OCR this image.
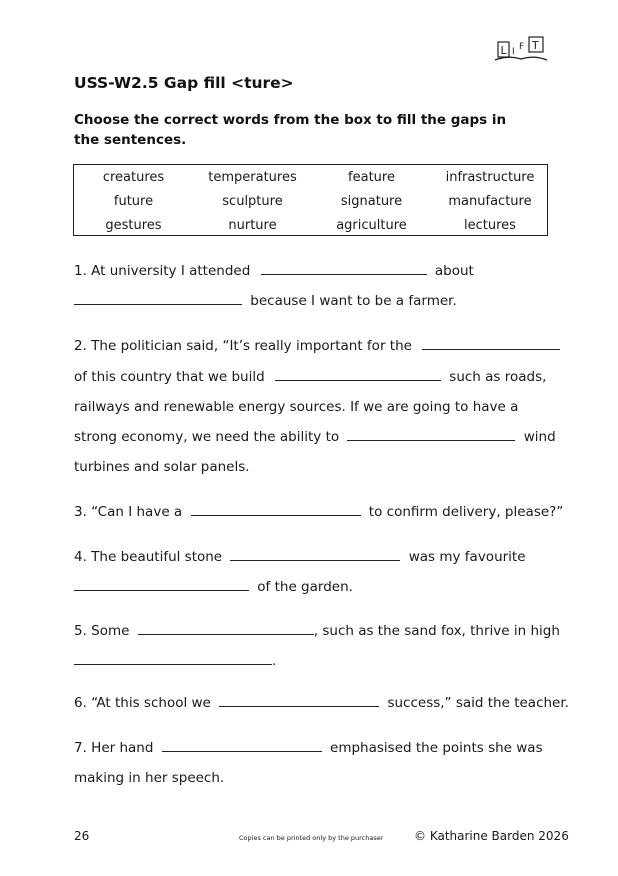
L I F T
USS-W2.5 Gap fill <ture>

Choose the correct words from the box to fill the gaps in the sentences.

creatures	temperatures	feature	infrastructure
future	sculpture	signature	manufacture
gestures	nurture	agriculture	lectures

1. At university I attended	about

because I want to be a farmer.

2. The politician said, “It’s really important for the

of this country that we build	such as roads,

railways and renewable energy sources. If we are going to have a

strong economy, we need the ability to	wind

turbines and solar panels.

3. “Can I have a	to confirm delivery, please?”

4. The beautiful stone	was my favourite

of the garden.

5. Some	, such as the sand fox, thrive in high

.

6. “At this school we	success,” said the teacher.

7. Her hand	emphasised the points she was

making in her speech.

26	Copies can be printed only by the purchaser	© Katharine Barden 2026
